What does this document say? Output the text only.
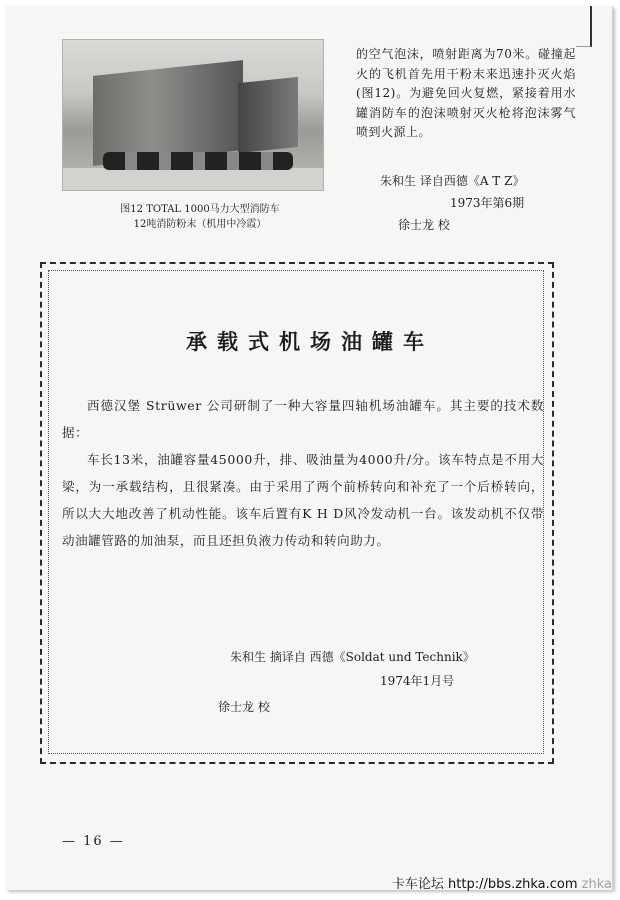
图12 TOTAL 1000马力大型消防车
12吨消防粉末（机用中冷霞）
的空气泡沫，喷射距离为70米。碰撞起火的飞机首先用干粉末来迅速扑灭火焰(图12)。为避免回火复燃，紧接着用水罐消防车的泡沫喷射灭火枪将泡沫雾气喷到火源上。
朱和生 译自西德《A T Z》
1973年第6期
徐士龙 校
承载式机场油罐车

西德汉堡 Strüwer 公司研制了一种大容量四轴机场油罐车。其主要的技术数据：

车长13米，油罐容量45000升，排、吸油量为4000升/分。该车特点是不用大梁，为一承载结构，且很紧凑。由于采用了两个前桥转向和补充了一个后桥转向，所以大大地改善了机动性能。该车后置有K H D风冷发动机一台。该发动机不仅带动油罐管路的加油泵，而且还担负液力传动和转向助力。

朱和生 摘译自 西德《Soldat und Technik》
1974年1月号
徐士龙 校
— 16 —
卡车论坛 http://bbs.zhka.com zhka
